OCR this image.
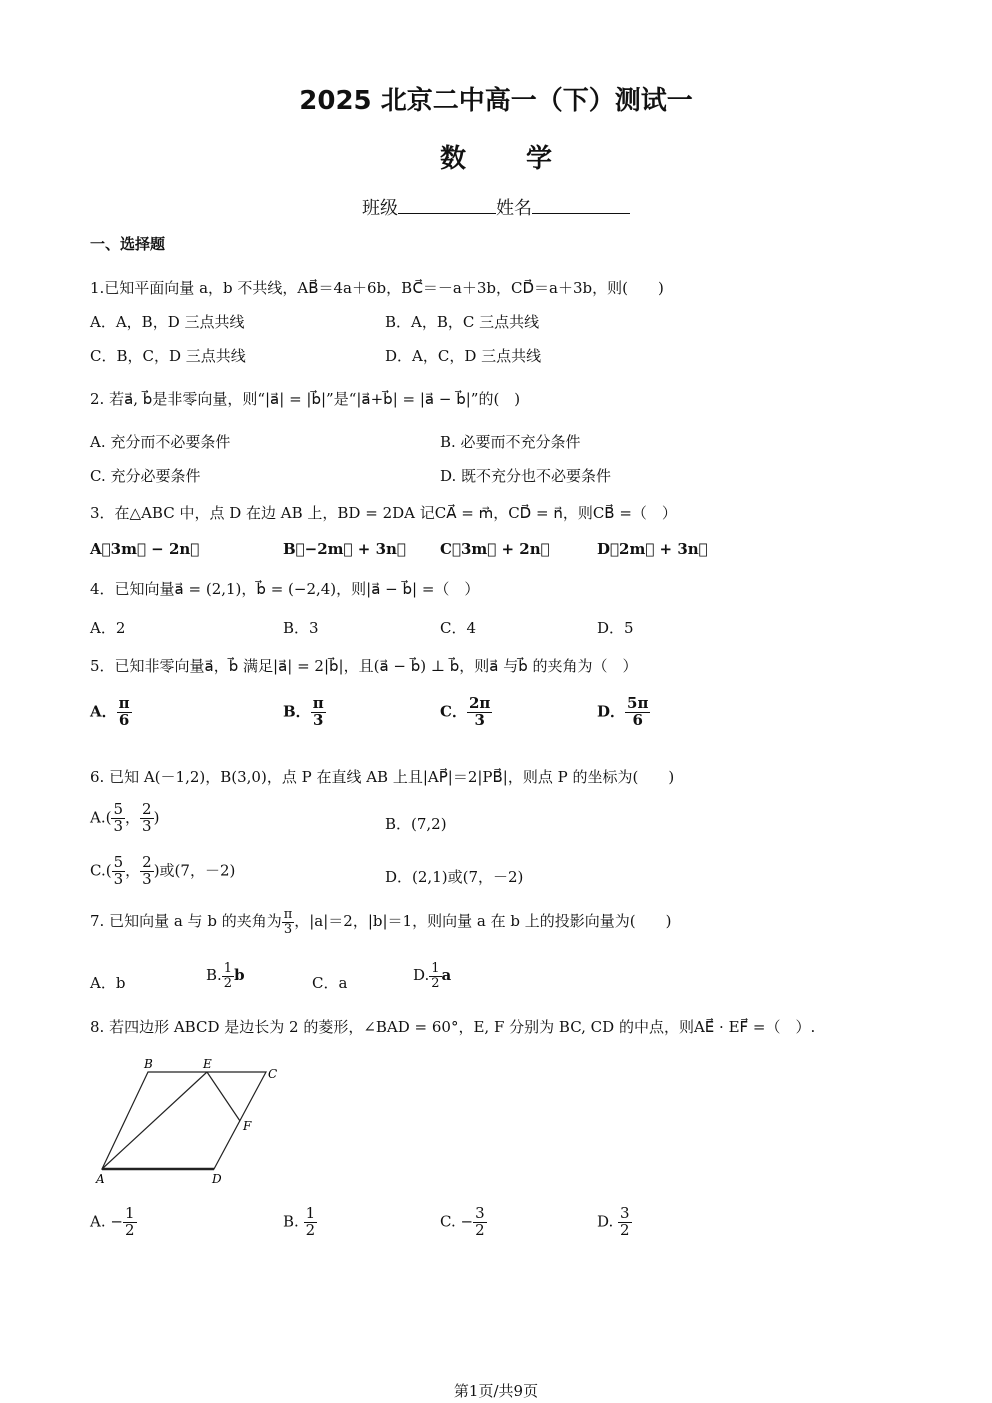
2025 北京二中高一（下）测试一
数学
班级	姓名
一、选择题
1.已知平面向量 a，b 不共线，AB⃗＝4a＋6b，BC⃗＝－a＋3b，CD⃗＝a＋3b，则(　　)
A．A，B，D 三点共线	B．A，B，C 三点共线
C．B，C，D 三点共线	D．A，C，D 三点共线
2. 若a⃗, b⃗是非零向量，则“|a⃗| = |b⃗|”是“|a⃗+b⃗| = |a⃗ − b⃗|”的(　)
A. 充分而不必要条件	B. 必要而不充分条件
C. 充分必要条件	D. 既不充分也不必要条件
3．在△ABC 中，点 D 在边 AB 上，BD = 2DA 记CA⃗ = m⃗，CD⃗ = n⃗，则CB⃗ =（　）
A．3m⃗ − 2n⃗	B．−2m⃗ + 3n⃗ C．3m⃗ + 2n⃗	D．2m⃗ + 3n⃗
4．已知向量a⃗ = (2,1)，b⃗ = (−2,4)，则|a⃗ − b⃗| =（　）
A．2	B．3	C．4	D．5
5．已知非零向量a⃗，b⃗ 满足|a⃗| = 2|b⃗|，且(a⃗ − b⃗) ⊥ b⃗，则a⃗ 与b⃗ 的夹角为（　）
A． $\frac{\pi}{6}$	B． $\frac{\pi}{3}$	C． $\frac{2\pi}{3}$	D． $\frac{5\pi}{6}$
6. 已知 A(－1,2)，B(3,0)，点 P 在直线 AB 上且|AP⃗|＝2|PB⃗|，则点 P 的坐标为(　　)
$A.( \frac{5}{3}$ ， $\frac{2}{3}$ )	B．(7,2)
$C.( \frac{5}{3}$ ， $\frac{2}{3}$ )或(7，－2)	D．(2,1)或(7，－2)
7. 已知向量 a 与 b 的夹角为 $\frac{\pi}{3}$ ，|a|＝2，|b|＝1，则向量 a 在 b 上的投影向量为(　　)
A．b	B. $\frac{1}{2}$ b	C．a	D. $\frac{1}{2}$ a
8. 若四边形 ABCD 是边长为 2 的菱形，∠BAD = 60°，E, F 分别为 BC, CD 的中点，则AE⃗ · EF⃗ =（　）.
A
B	E
C
F
D
A. − $\frac{1}{2}$	B. $\frac{1}{2}$	C. − $\frac{3}{2}$	D. $\frac{3}{2}$
第1页/共9页
